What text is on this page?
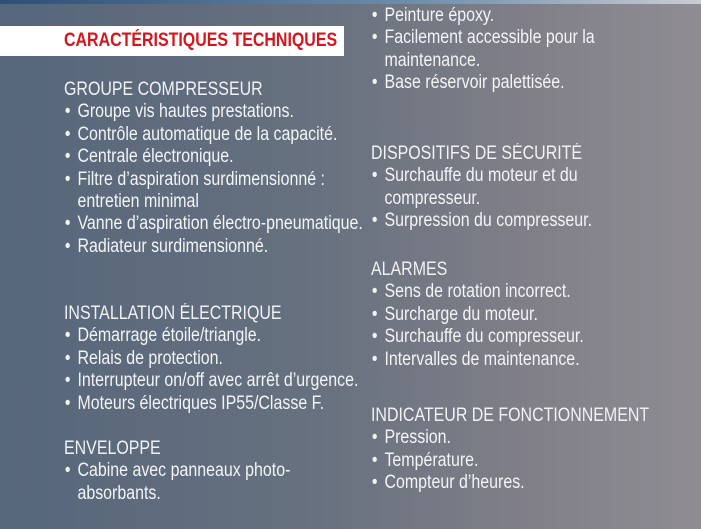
CARACTÉRISTIQUES TECHNIQUES
GROUPE COMPRESSEUR
• Groupe vis hautes prestations.
• Contrôle automatique de la capacité.
• Centrale électronique.
• Filtre d’aspiration surdimensionné :
entretien minimal
• Vanne d’aspiration électro-pneumatique.
• Radiateur surdimensionné.
INSTALLATION ÉLECTRIQUE
• Démarrage étoile/triangle.
• Relais de protection.
• Interrupteur on/off avec arrêt d’urgence.
• Moteurs électriques IP55/Classe F.
ENVELOPPE
• Cabine avec panneaux photo-
absorbants.
• Peinture époxy.
• Facilement accessible pour la
maintenance.
• Base réservoir palettisée.
DISPOSITIFS DE SÉCURITÉ
• Surchauffe du moteur et du
compresseur.
• Surpression du compresseur.
ALARMES
• Sens de rotation incorrect.
• Surcharge du moteur.
• Surchauffe du compresseur.
• Intervalles de maintenance.
INDICATEUR DE FONCTIONNEMENT
• Pression.
• Température.
• Compteur d’heures.
